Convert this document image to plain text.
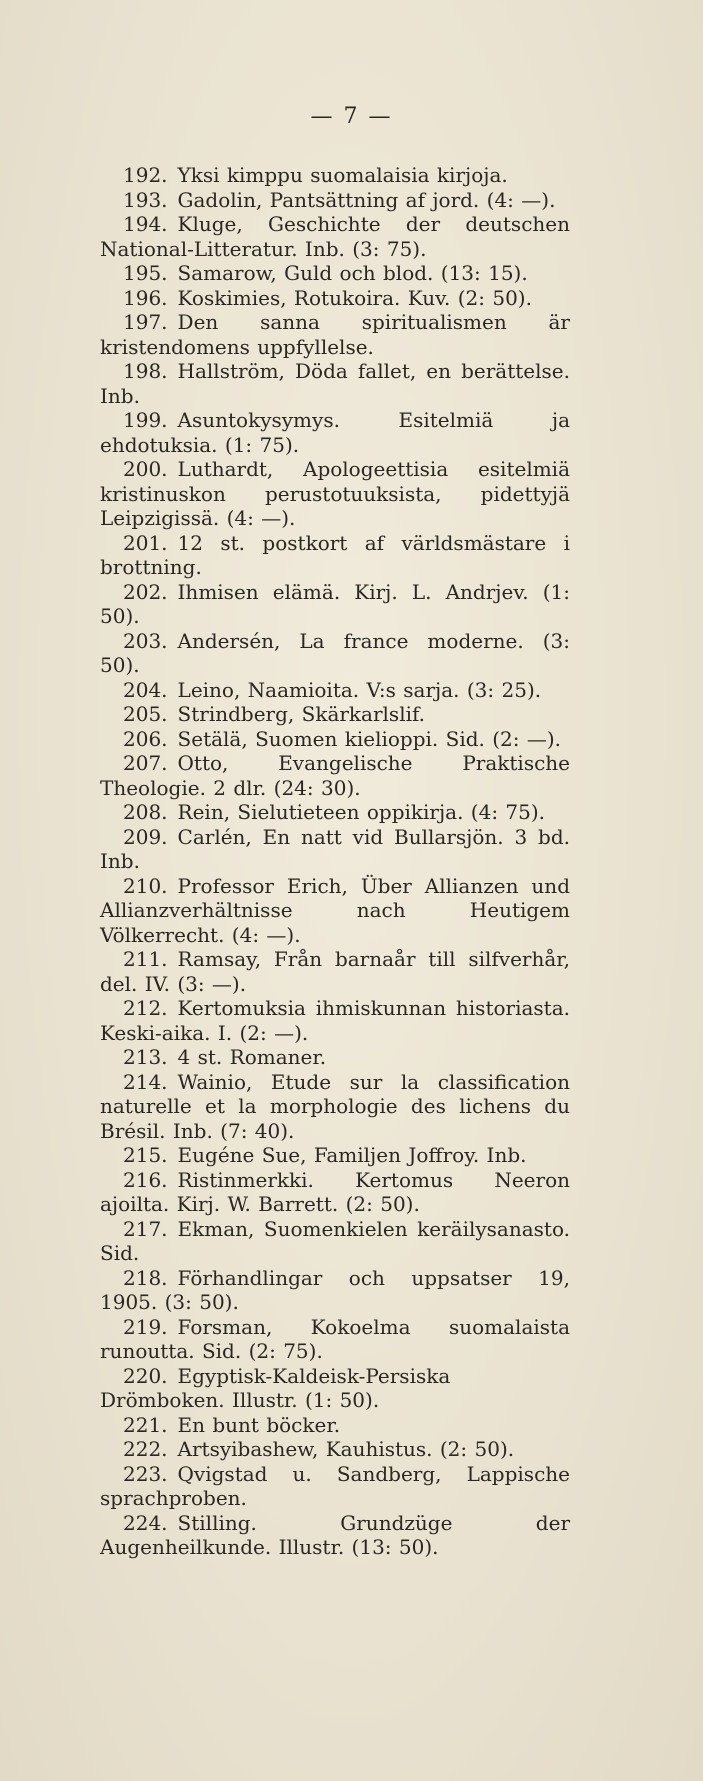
— 7 —

192. Yksi kimppu suomalaisia kirjoja.

193. Gadolin, Pantsättning af jord. (4: —).

194. Kluge, Geschichte der deutschen National-Litteratur. Inb. (3: 75).

195. Samarow, Guld och blod. (13: 15).

196. Koskimies, Rotukoira. Kuv. (2: 50).

197. Den sanna spiritualismen är kristendomens uppfyllelse.

198. Hallström, Döda fallet, en berättelse. Inb.

199. Asuntokysymys. Esitelmiä ja ehdotuksia. (1: 75).

200. Luthardt, Apologeettisia esitelmiä kristinuskon perustotuuksista, pidettyjä Leipzigissä. (4: —).

201. 12 st. postkort af världsmästare i brottning.

202. Ihmisen elämä. Kirj. L. Andrjev. (1: 50).

203. Andersén, La france moderne. (3: 50).

204. Leino, Naamioita. V:s sarja. (3: 25).

205. Strindberg, Skärkarlslif.

206. Setälä, Suomen kielioppi. Sid. (2: —).

207. Otto, Evangelische Praktische Theologie. 2 dlr. (24: 30).

208. Rein, Sielutieteen oppikirja. (4: 75).

209. Carlén, En natt vid Bullarsjön. 3 bd. Inb.

210. Professor Erich, Über Allianzen und Allianzverhältnisse nach Heutigem Völkerrecht. (4: —).

211. Ramsay, Från barnaår till silfverhår, del. IV. (3: —).

212. Kertomuksia ihmiskunnan historiasta. Keski-aika. I. (2: —).

213. 4 st. Romaner.

214. Wainio, Etude sur la classification naturelle et la morphologie des lichens du Brésil. Inb. (7: 40).

215. Eugéne Sue, Familjen Joffroy. Inb.

216. Ristinmerkki. Kertomus Neeron ajoilta. Kirj. W. Barrett. (2: 50).

217. Ekman, Suomenkielen keräilysanasto. Sid.

218. Förhandlingar och uppsatser 19, 1905. (3: 50).

219. Forsman, Kokoelma suomalaista runoutta. Sid. (2: 75).

220. Egyptisk-Kaldeisk-Persiska Drömboken. Illustr. (1: 50).

221. En bunt böcker.

222. Artsyibashew, Kauhistus. (2: 50).

223. Qvigstad u. Sandberg, Lappische sprachproben.

224. Stilling. Grundzüge der Augenheilkunde. Illustr. (13: 50).
